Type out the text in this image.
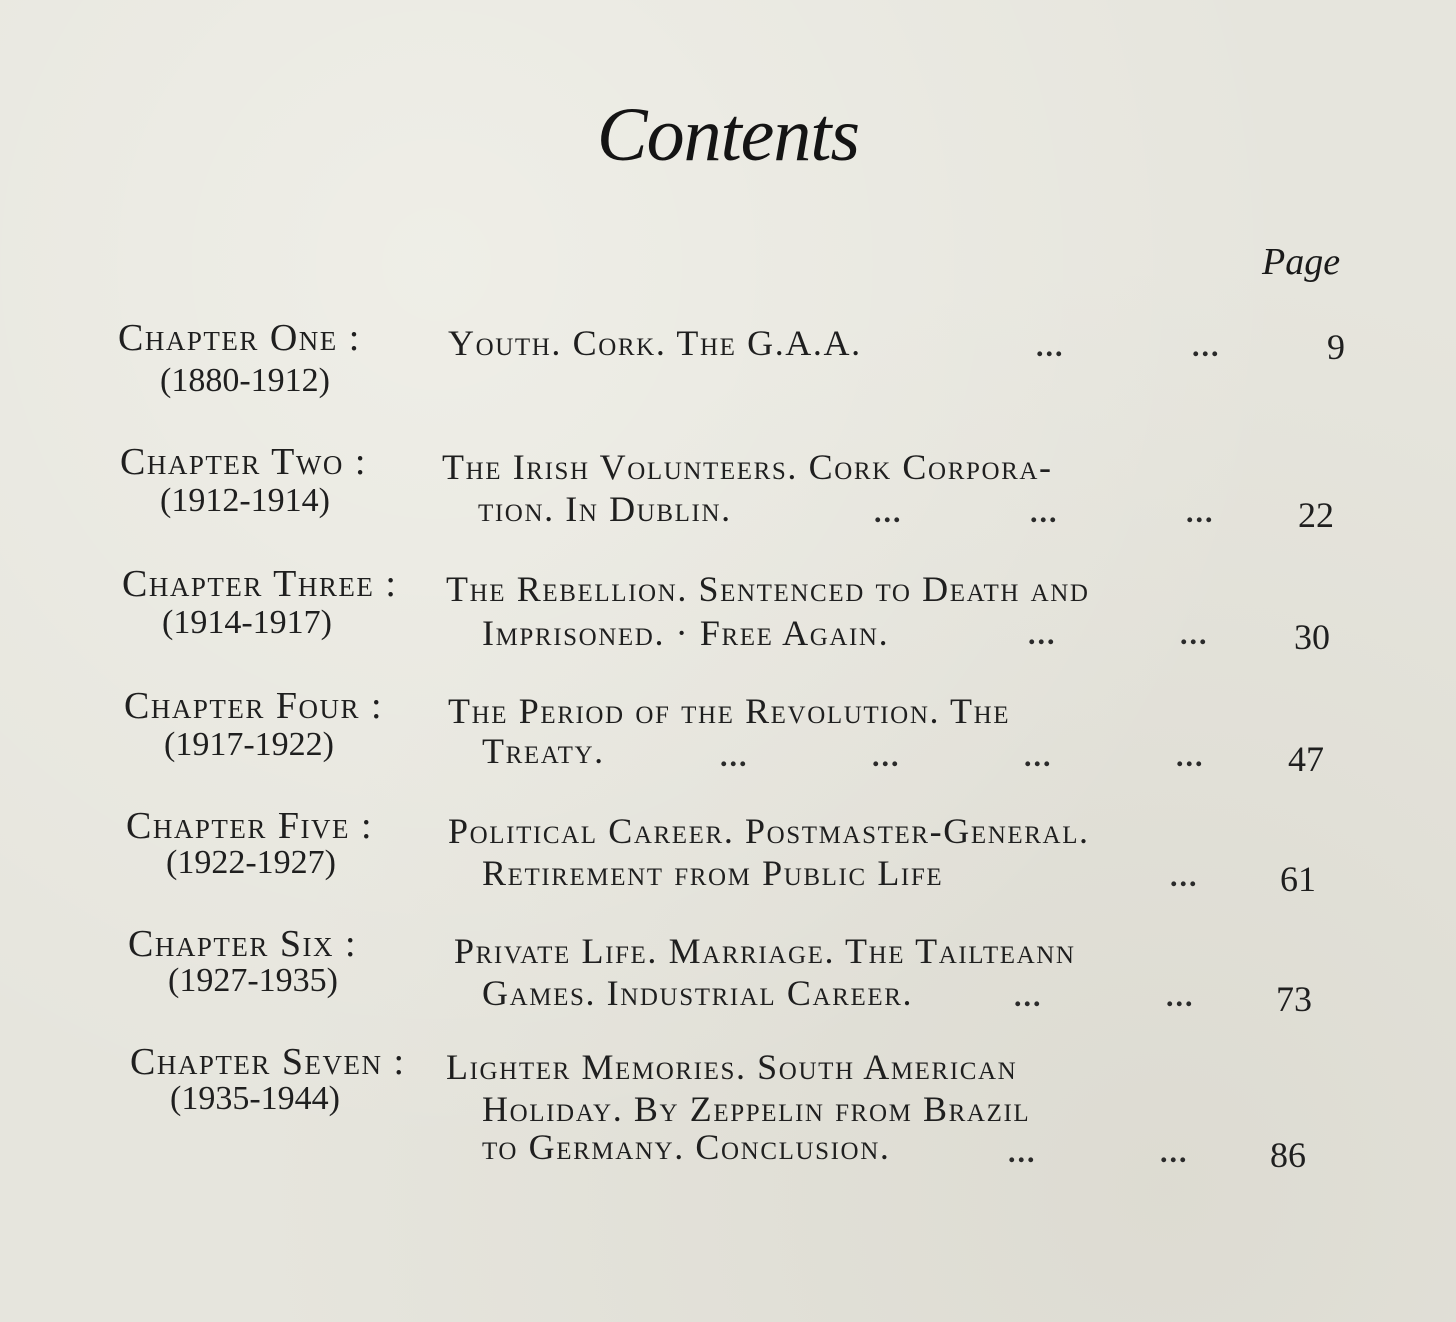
Contents
Page
Chapter One :
(1880-1912)
Youth. Cork. The G.A.A.	...	...	9
Chapter Two :
(1912-1914)
The Irish Volunteers. Cork Corpora-
tion. In Dublin.	...	...	... 22
Chapter Three :
(1914-1917)
The Rebellion. Sentenced to Death and
Imprisoned. · Free Again.	...	... 30
Chapter Four :
(1917-1922)
The Period of the Revolution. The
Treaty.	...	...	...	... 47
Chapter Five :
(1922-1927)
Political Career. Postmaster-General.
Retirement from Public Life	... 61
Chapter Six :
(1927-1935)
Private Life. Marriage. The Tailteann
Games. Industrial Career.	...	... 73
Chapter Seven :
(1935-1944)
Lighter Memories. South American
Holiday. By Zeppelin from Brazil
to Germany. Conclusion.	...	... 86
